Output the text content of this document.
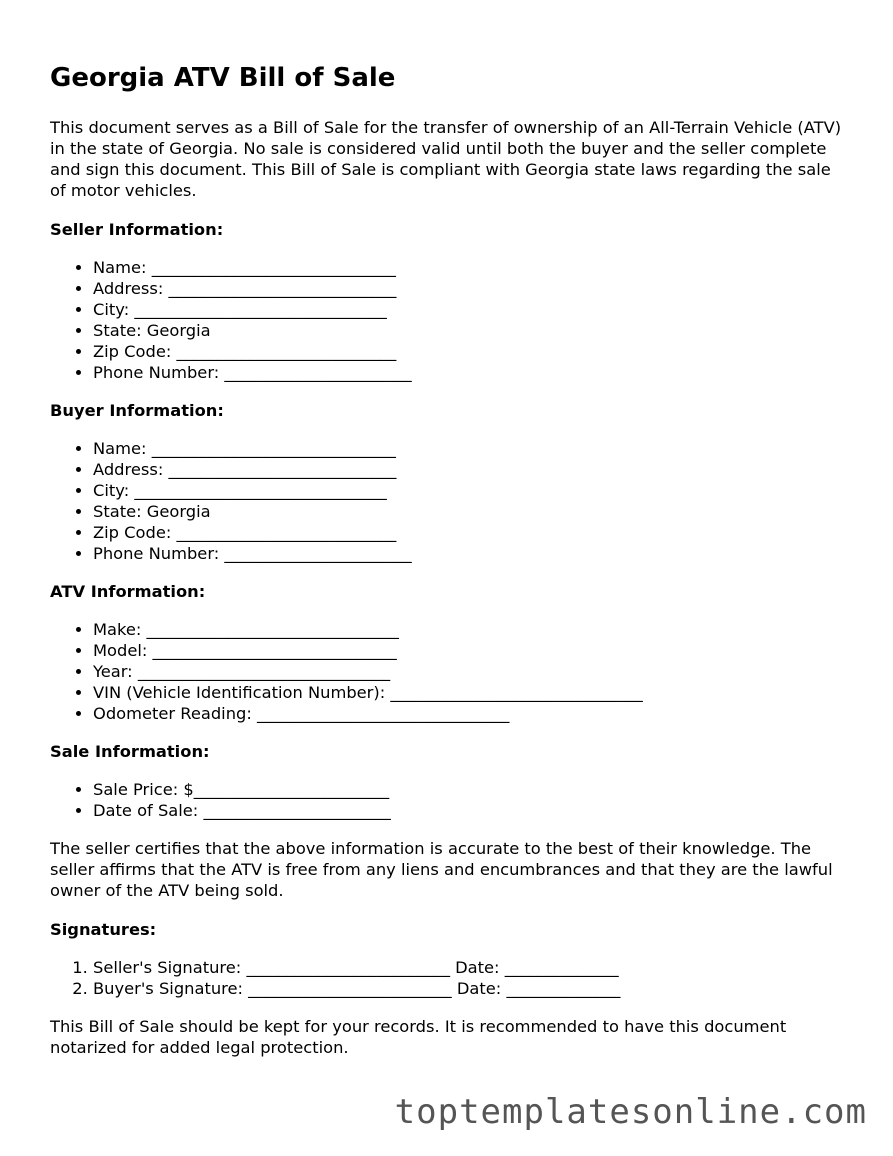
Georgia ATV Bill of Sale

This document serves as a Bill of Sale for the transfer of ownership of an All-Terrain Vehicle (ATV) in the state of Georgia. No sale is considered valid until both the buyer and the seller complete and sign this document. This Bill of Sale is compliant with Georgia state laws regarding the sale of motor vehicles.

Seller Information:
• Name: ______________________________
• Address: ____________________________
• City: _______________________________
• State: Georgia
• Zip Code: ___________________________
• Phone Number: _______________________
Buyer Information:
• Name: ______________________________
• Address: ____________________________
• City: _______________________________
• State: Georgia
• Zip Code: ___________________________
• Phone Number: _______________________
ATV Information:
• Make: _______________________________
• Model: ______________________________
• Year: _______________________________
• VIN (Vehicle Identification Number): _______________________________
• Odometer Reading: _______________________________
Sale Information:
• Sale Price: $________________________
• Date of Sale: _______________________

The seller certifies that the above information is accurate to the best of their knowledge. The seller affirms that the ATV is free from any liens and encumbrances and that they are the lawful owner of the ATV being sold.

Signatures:
1. Seller's Signature: _________________________ Date: ______________
2. Buyer's Signature: _________________________ Date: ______________

This Bill of Sale should be kept for your records. It is recommended to have this document notarized for added legal protection.

toptemplatesonline.com
